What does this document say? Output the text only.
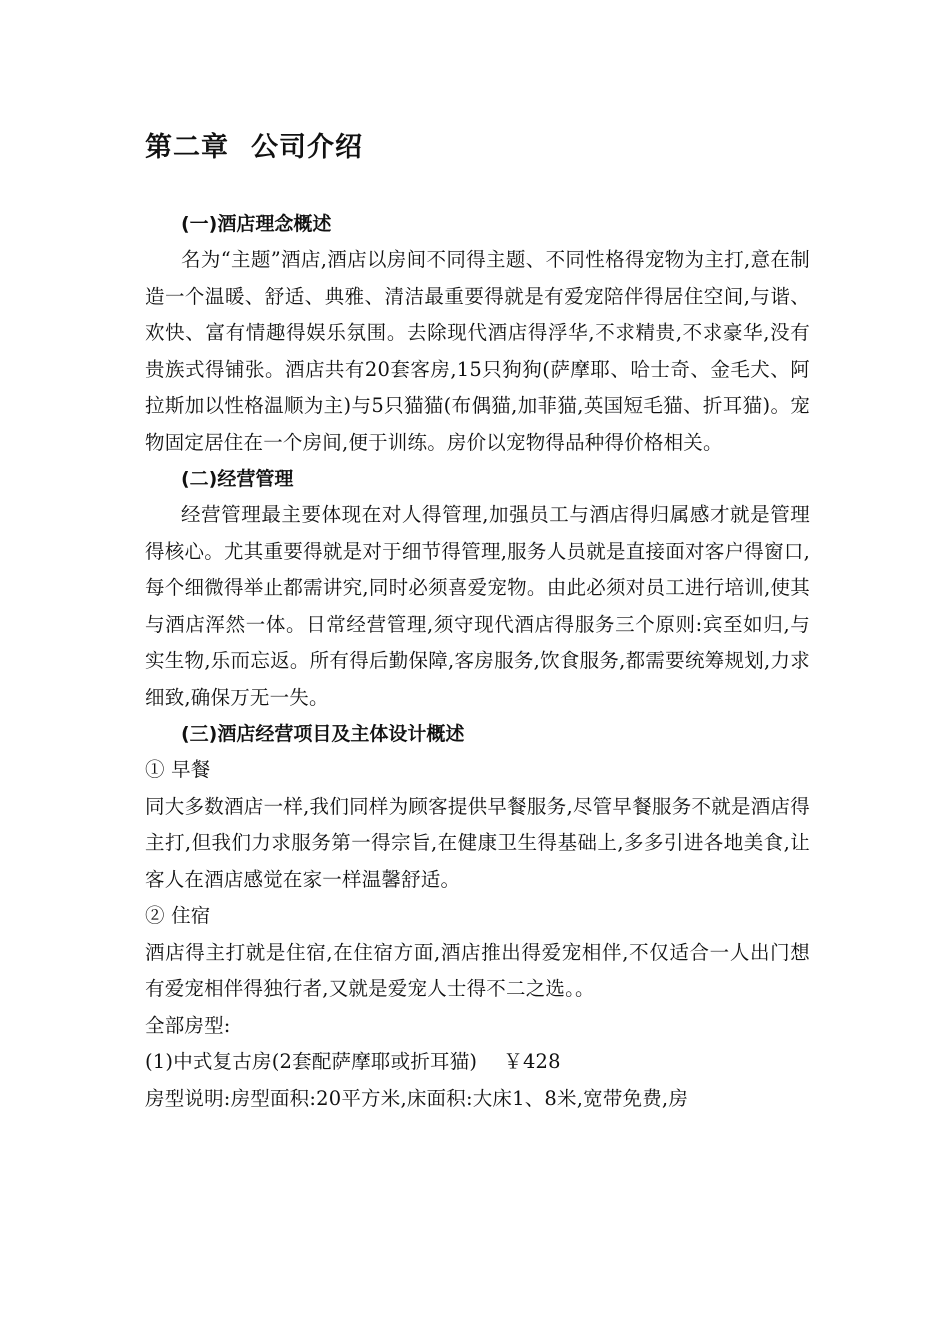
第二章 公司介绍
(一)酒店理念概述

名为“主题”酒店,酒店以房间不同得主题、不同性格得宠物为主打,意在制造一个温暖、舒适、典雅、清洁最重要得就是有爱宠陪伴得居住空间,与谐、欢快、富有情趣得娱乐氛围。去除现代酒店得浮华,不求精贵,不求豪华,没有贵族式得铺张。酒店共有20套客房,15只狗狗(萨摩耶、哈士奇、金毛犬、阿拉斯加以性格温顺为主)与5只猫猫(布偶猫,加菲猫,英国短毛猫、折耳猫)。宠物固定居住在一个房间,便于训练。房价以宠物得品种得价格相关。

(二)经营管理

经营管理最主要体现在对人得管理,加强员工与酒店得归属感才就是管理得核心。尤其重要得就是对于细节得管理,服务人员就是直接面对客户得窗口,每个细微得举止都需讲究,同时必须喜爱宠物。由此必须对员工进行培训,使其与酒店浑然一体。日常经营管理,须守现代酒店得服务三个原则:宾至如归,与实生物,乐而忘返。所有得后勤保障,客房服务,饮食服务,都需要统筹规划,力求细致,确保万无一失。

(三)酒店经营项目及主体设计概述
① 早餐

同大多数酒店一样,我们同样为顾客提供早餐服务,尽管早餐服务不就是酒店得主打,但我们力求服务第一得宗旨,在健康卫生得基础上,多多引进各地美食,让客人在酒店感觉在家一样温馨舒适。

② 住宿

酒店得主打就是住宿,在住宿方面,酒店推出得爱宠相伴,不仅适合一人出门想有爱宠相伴得独行者,又就是爱宠人士得不二之选。。

全部房型:
(1)中式复古房(2套配萨摩耶或折耳猫) ￥428
房型说明:房型面积:20平方米,床面积:大床1、8米,宽带免费,房
